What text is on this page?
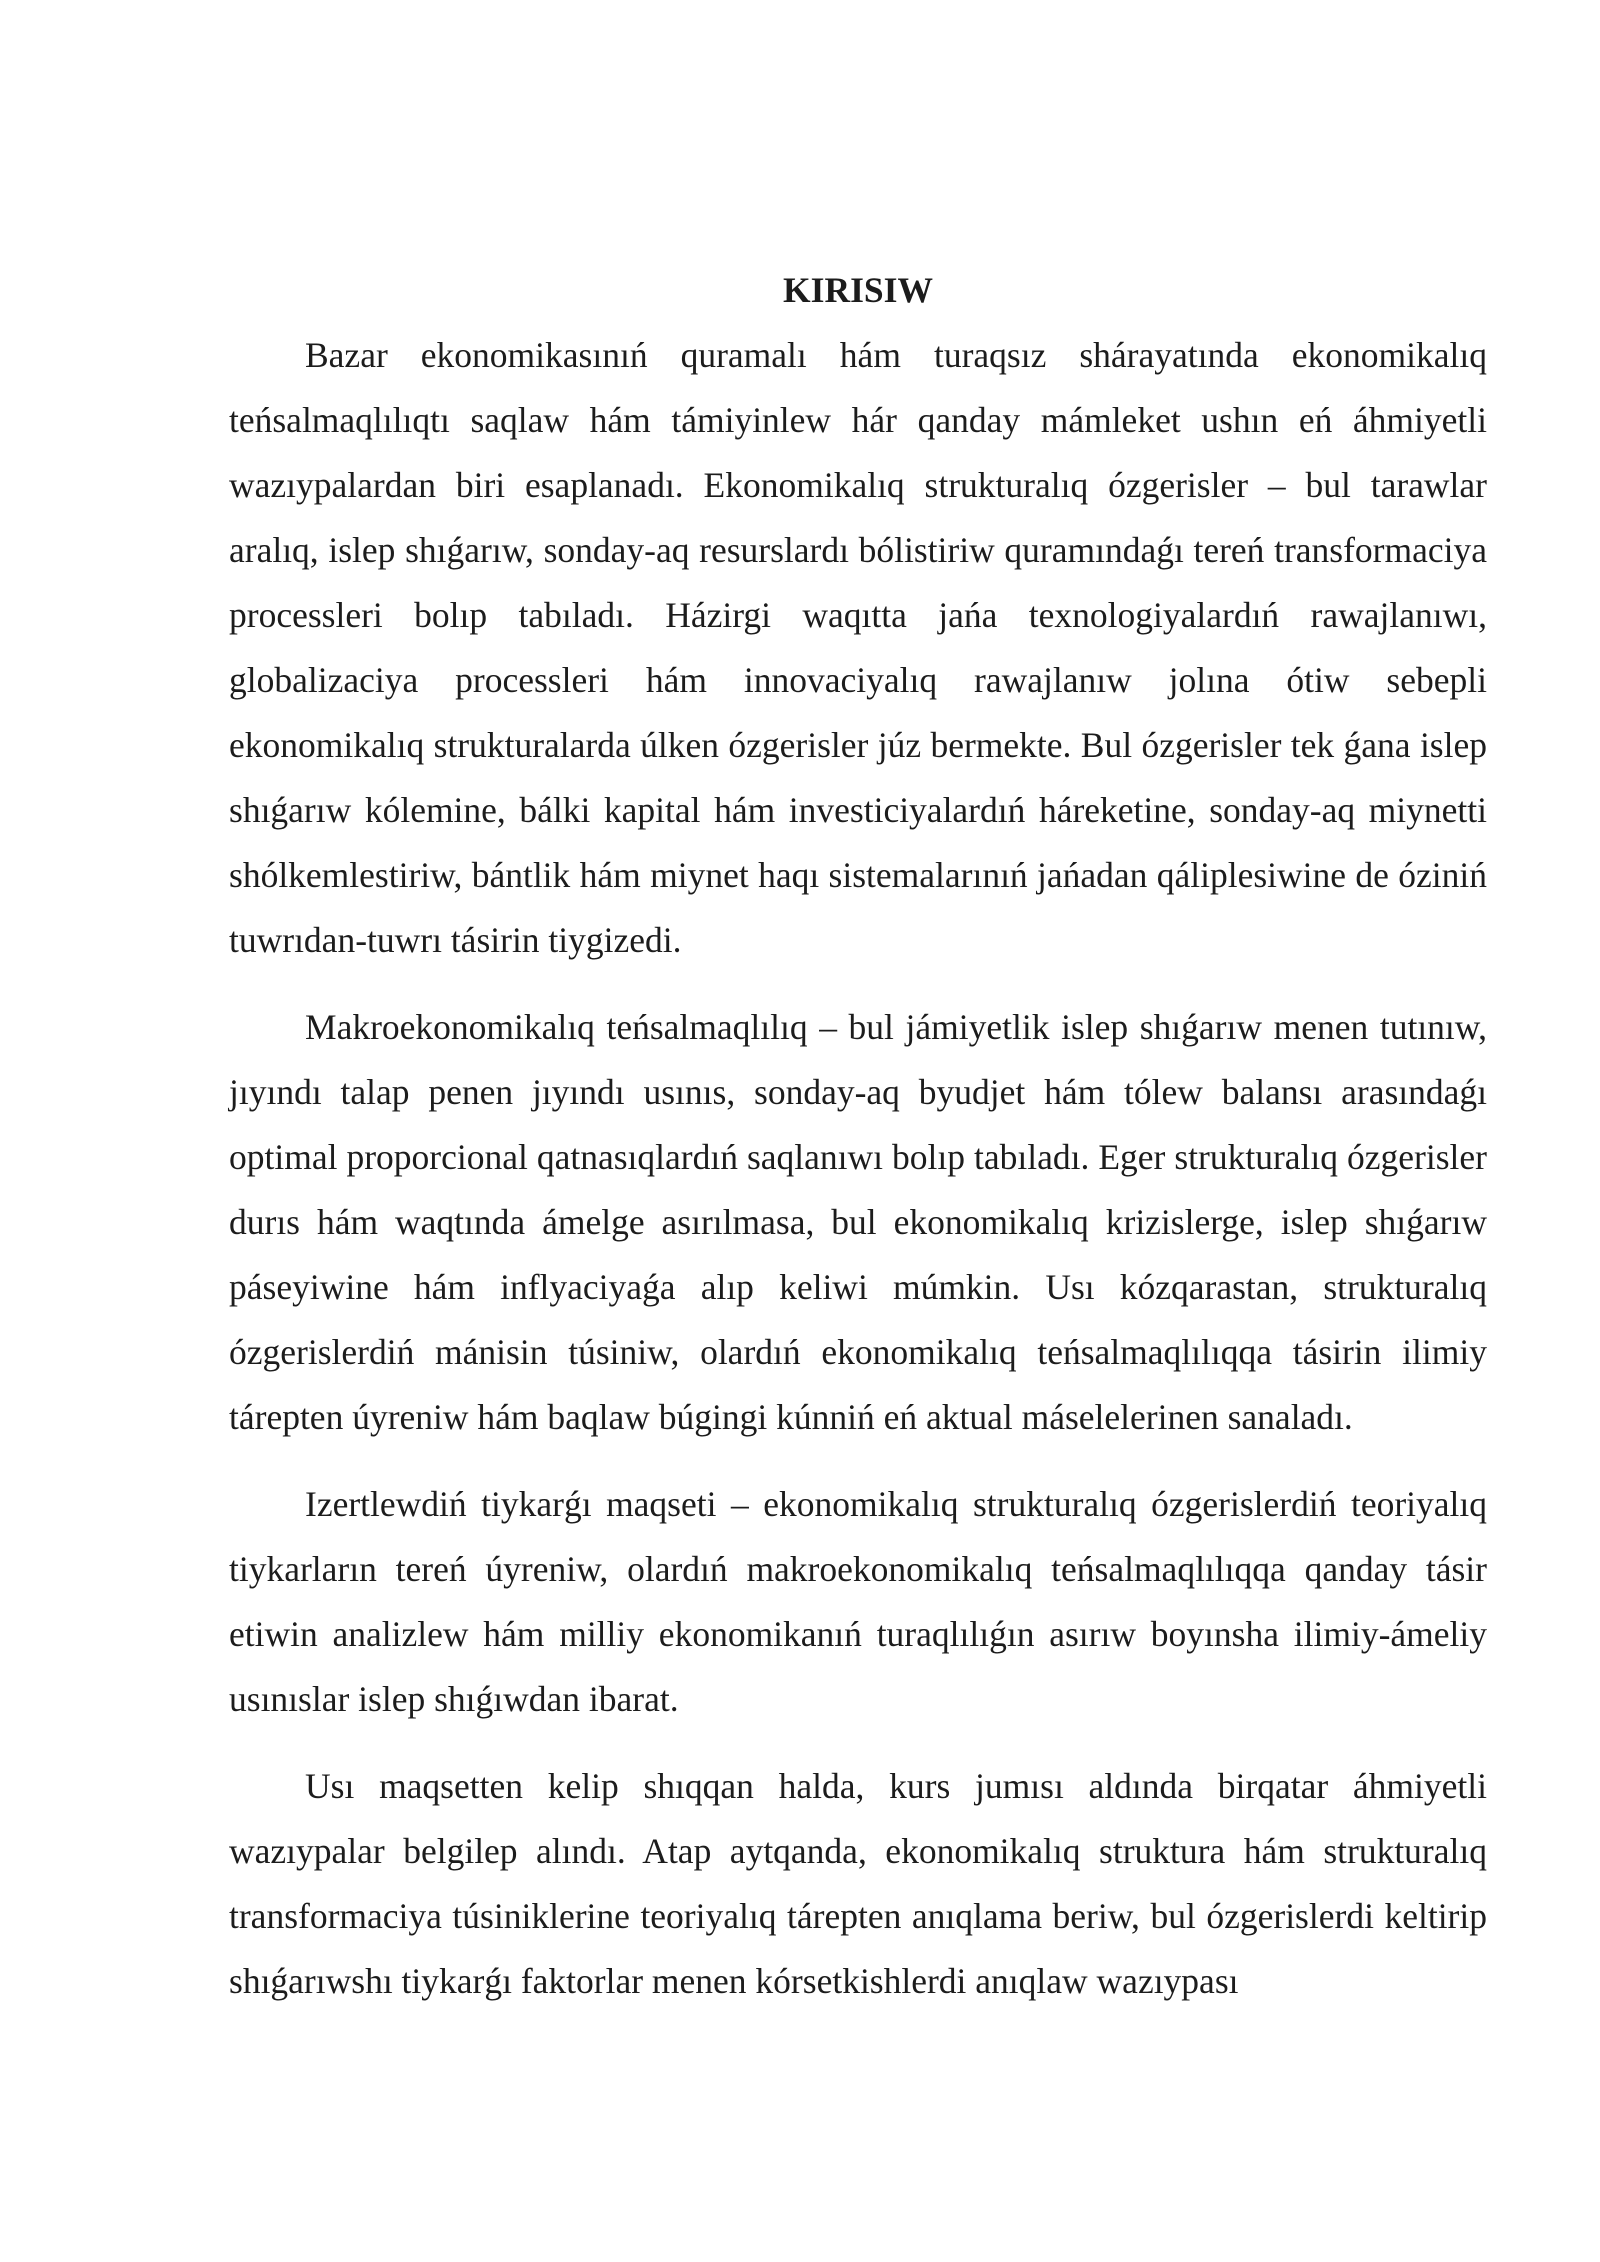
KIRISIW

Bazar ekonomikasınıń quramalı hám turaqsız shárayatında ekonomikalıq teńsalmaqlılıqtı saqlaw hám támiyinlew hár qanday mámleket ushın eń áhmiyetli wazıypalardan biri esaplanadı. Ekonomikalıq strukturalıq ózgerisler – bul tarawlar aralıq, islep shıǵarıw, sonday-aq resurslardı bólistiriw quramındaǵı tereń transformaciya processleri bolıp tabıladı. Házirgi waqıtta jańa texnologiyalardıń rawajlanıwı, globalizaciya processleri hám innovaciyalıq rawajlanıw jolına ótiw sebepli ekonomikalıq strukturalarda úlken ózgerisler júz bermekte. Bul ózgerisler tek ǵana islep shıǵarıw kólemine, bálki kapital hám investiciyalardıń háreketine, sonday-aq miynetti shólkemlestiriw, bántlik hám miynet haqı sistemalarınıń jańadan qáliplesiwine de óziniń tuwrıdan-tuwrı tásirin tiygizedi.

Makroekonomikalıq teńsalmaqlılıq – bul jámiyetlik islep shıǵarıw menen tutınıw, jıyındı talap penen jıyındı usınıs, sonday-aq byudjet hám tólew balansı arasındaǵı optimal proporcional qatnasıqlardıń saqlanıwı bolıp tabıladı. Eger strukturalıq ózgerisler durıs hám waqtında ámelge asırılmasa, bul ekonomikalıq krizislerge, islep shıǵarıw páseyiwine hám inflyaciyaǵa alıp keliwi múmkin. Usı kózqarastan, strukturalıq ózgerislerdiń mánisin túsiniw, olardıń ekonomikalıq teńsalmaqlılıqqa tásirin ilimiy tárepten úyreniw hám baqlaw búgingi kúnniń eń aktual máselelerinen sanaladı.

Izertlewdiń tiykarǵı maqseti – ekonomikalıq strukturalıq ózgerislerdiń teoriyalıq tiykarların tereń úyreniw, olardıń makroekonomikalıq teńsalmaqlılıqqa qanday tásir etiwin analizlew hám milliy ekonomikanıń turaqlılıǵın asırıw boyınsha ilimiy-ámeliy usınıslar islep shıǵıwdan ibarat.

Usı maqsetten kelip shıqqan halda, kurs jumısı aldında birqatar áhmiyetli wazıypalar belgilep alındı. Atap aytqanda, ekonomikalıq struktura hám strukturalıq transformaciya túsiniklerine teoriyalıq tárepten anıqlama beriw, bul ózgerislerdi keltirip shıǵarıwshı tiykarǵı faktorlar menen kórsetkishlerdi anıqlaw wazıypası
